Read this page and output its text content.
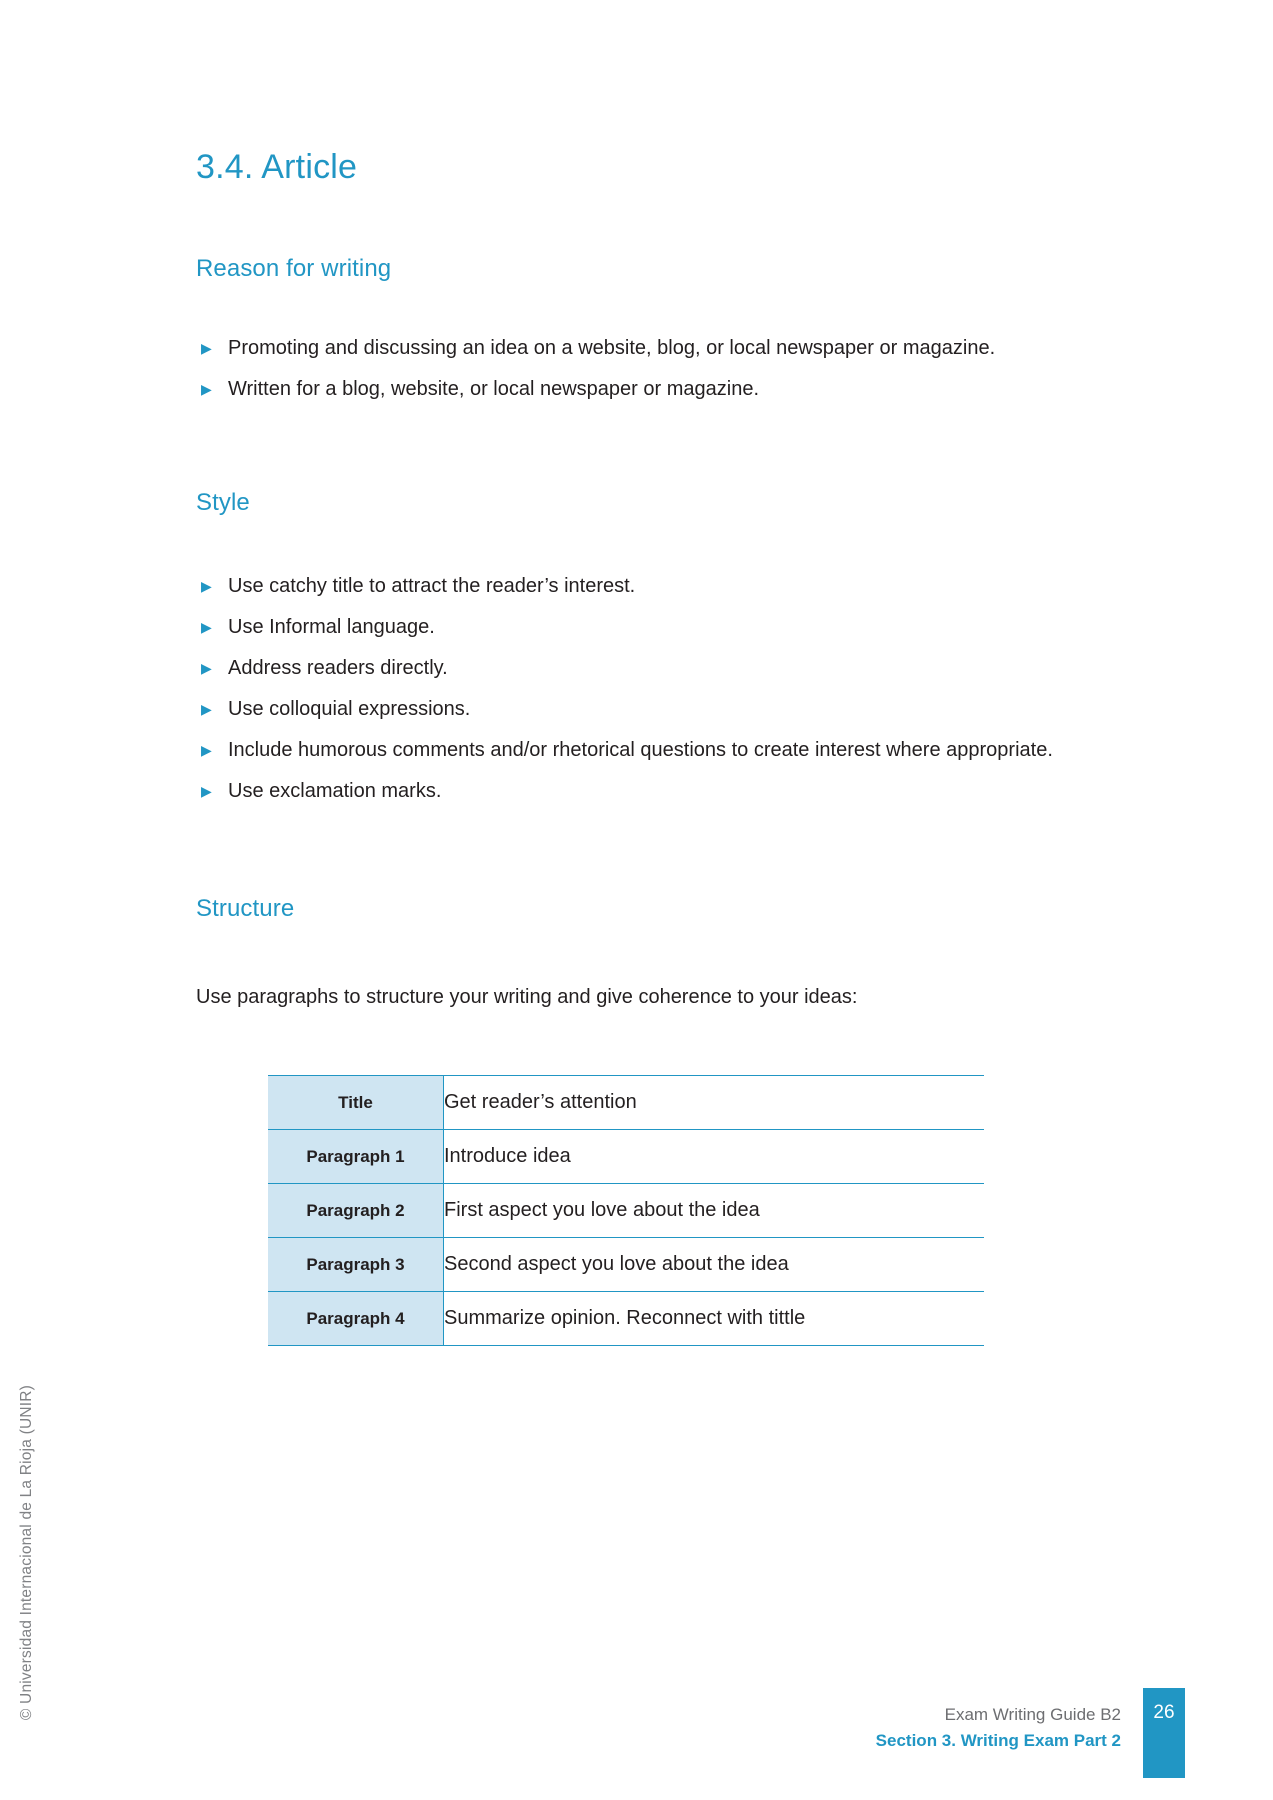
© Universidad Internacional de La Rioja (UNIR)
3.4. Article
Reason for writing
▶ Promoting and discussing an idea on a website, blog, or local newspaper or magazine.
▶ Written for a blog, website, or local newspaper or magazine.
Style
▶ Use catchy title to attract the reader’s interest.
▶ Use Informal language.
▶ Address readers directly.
▶ Use colloquial expressions.
▶ Include humorous comments and/or rhetorical questions to create interest where appropriate.
▶ Use exclamation marks.
Structure

Use paragraphs to structure your writing and give coherence to your ideas:

Title	Get reader’s attention
Paragraph 1	Introduce idea
Paragraph 2	First aspect you love about the idea
Paragraph 3	Second aspect you love about the idea
Paragraph 4	Summarize opinion. Reconnect with tittle
Exam Writing Guide B2
Section 3. Writing Exam Part 2
26
